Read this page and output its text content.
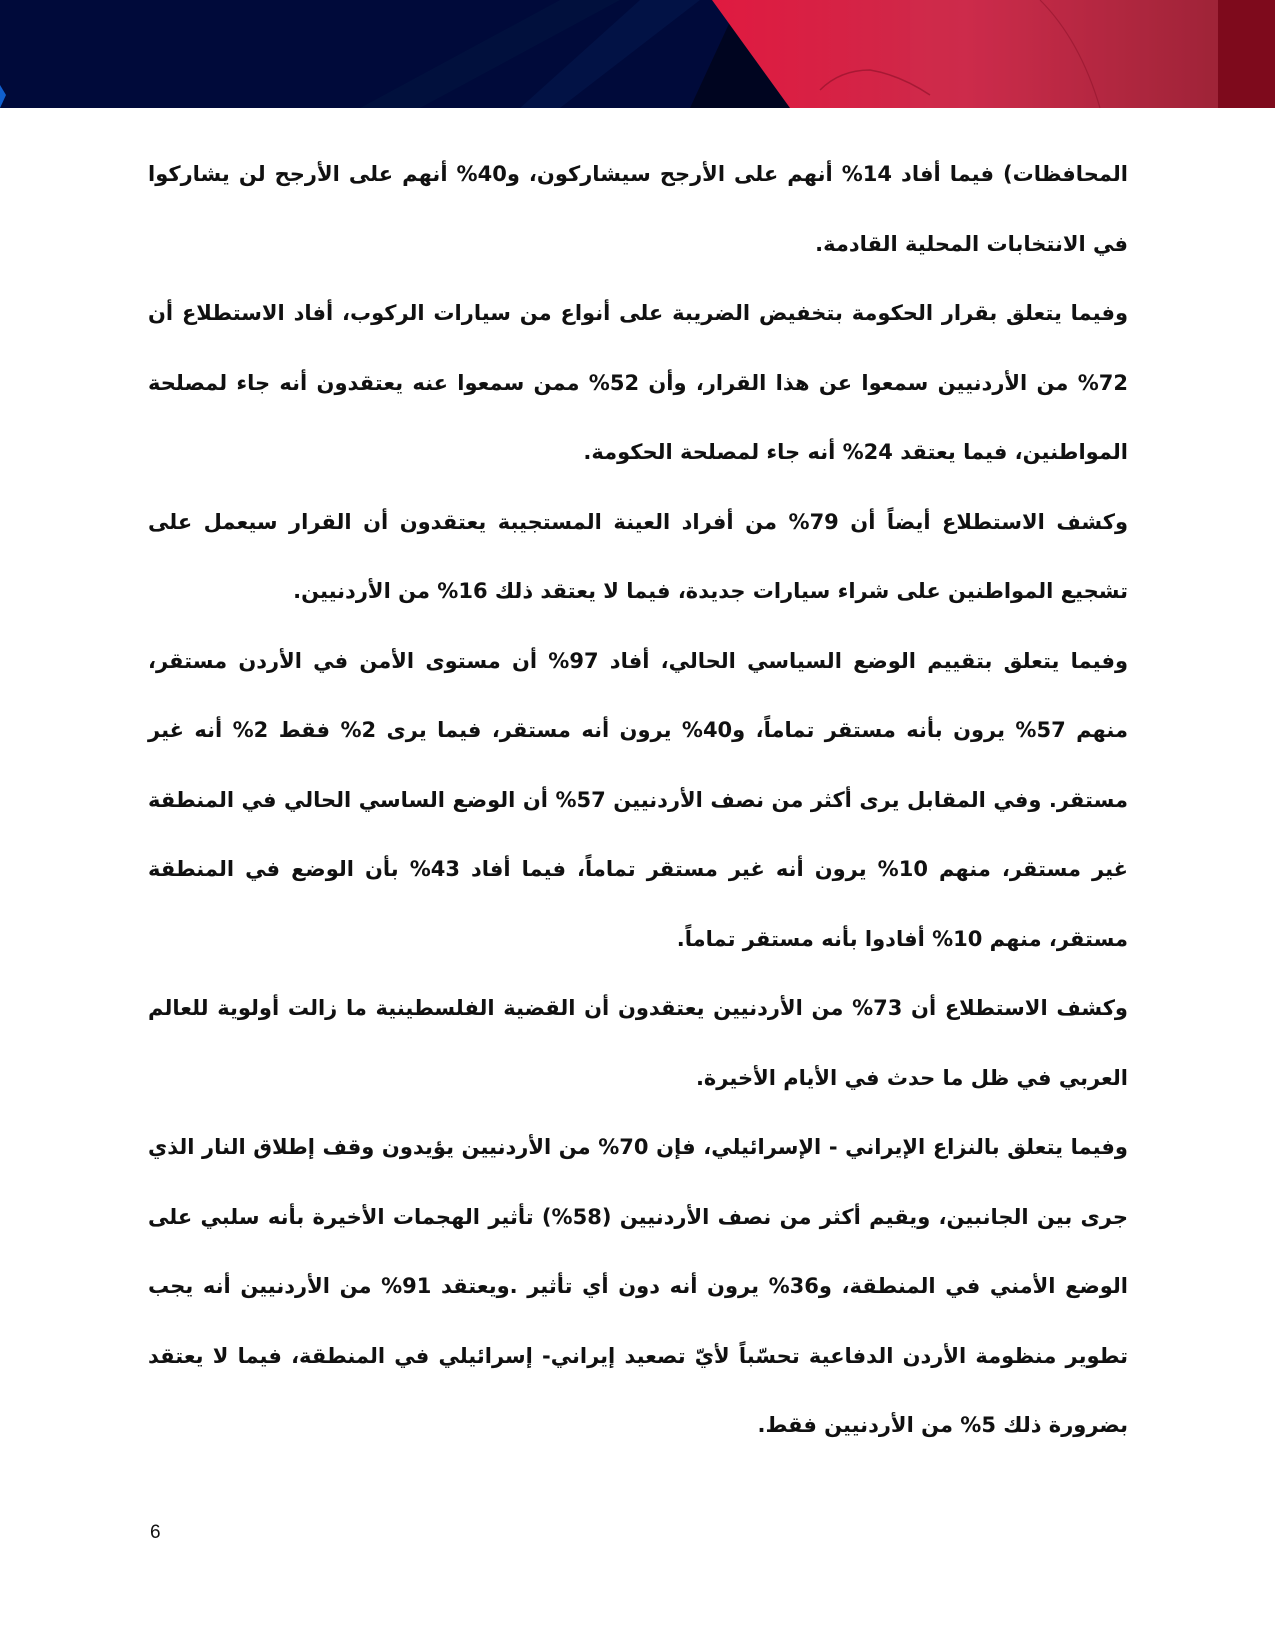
المحافظات) فيما أفاد 14% أنهم على الأرجح سيشاركون، و40% أنهم على الأرجح لن يشاركوا في الانتخابات المحلية القادمة.

وفيما يتعلق بقرار الحكومة بتخفيض الضريبة على أنواع من سيارات الركوب، أفاد الاستطلاع أن 72% من الأردنيين سمعوا عن هذا القرار، وأن 52% ممن سمعوا عنه يعتقدون أنه جاء لمصلحة المواطنين، فيما يعتقد 24% أنه جاء لمصلحة الحكومة.

وكشف الاستطلاع أيضاً أن 79% من أفراد العينة المستجيبة يعتقدون أن القرار سيعمل على تشجيع المواطنين على شراء سيارات جديدة، فيما لا يعتقد ذلك 16% من الأردنيين.

وفيما يتعلق بتقييم الوضع السياسي الحالي، أفاد 97% أن مستوى الأمن في الأردن مستقر، منهم 57% يرون بأنه مستقر تماماً، و40% يرون أنه مستقر، فيما يرى 2% فقط 2% أنه غير مستقر. وفي المقابل يرى أكثر من نصف الأردنيين 57% أن الوضع الساسي الحالي في المنطقة غير مستقر، منهم 10% يرون أنه غير مستقر تماماً، فيما أفاد 43% بأن الوضع في المنطقة مستقر، منهم 10% أفادوا بأنه مستقر تماماً.

وكشف الاستطلاع أن 73% من الأردنيين يعتقدون أن القضية الفلسطينية ما زالت أولوية للعالم العربي في ظل ما حدث في الأيام الأخيرة.

وفيما يتعلق بالنزاع الإيراني - الإسرائيلي، فإن 70% من الأردنيين يؤيدون وقف إطلاق النار الذي جرى بين الجانبين، ويقيم أكثر من نصف الأردنيين (58%) تأثير الهجمات الأخيرة بأنه سلبي على الوضع الأمني في المنطقة، و36% يرون أنه دون أي تأثير .ويعتقد 91% من الأردنيين أنه يجب تطوير منظومة الأردن الدفاعية تحسّباً لأيّ تصعيد إيراني- إسرائيلي في المنطقة، فيما لا يعتقد بضرورة ذلك 5% من الأردنيين فقط.

6
